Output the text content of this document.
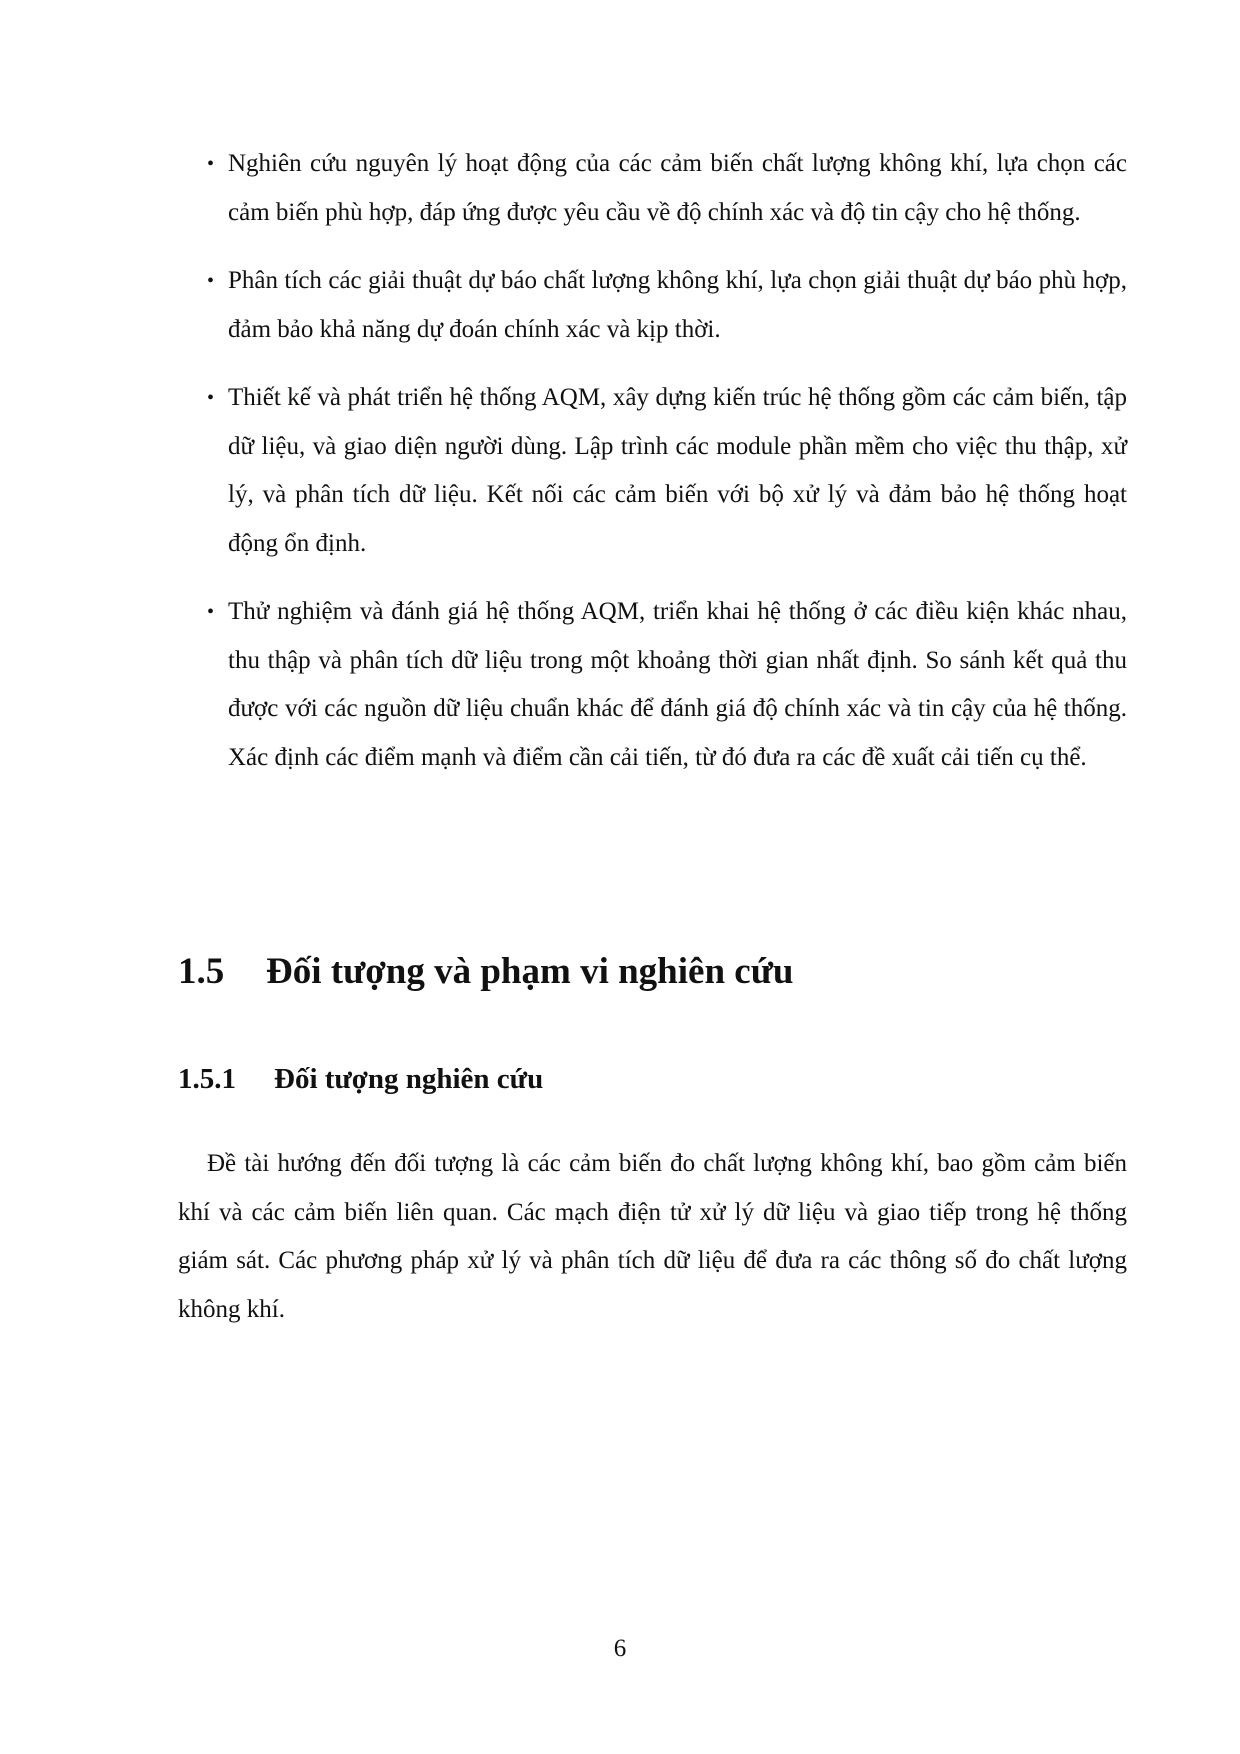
• Nghiên cứu nguyên lý hoạt động của các cảm biến chất lượng không khí, lựa chọn các cảm biến phù hợp, đáp ứng được yêu cầu về độ chính xác và độ tin cậy cho hệ thống.
• Phân tích các giải thuật dự báo chất lượng không khí, lựa chọn giải thuật dự báo phù hợp, đảm bảo khả năng dự đoán chính xác và kịp thời.
• Thiết kế và phát triển hệ thống AQM, xây dựng kiến trúc hệ thống gồm các cảm biến, tập dữ liệu, và giao diện người dùng. Lập trình các module phần mềm cho việc thu thập, xử lý, và phân tích dữ liệu. Kết nối các cảm biến với bộ xử lý và đảm bảo hệ thống hoạt động ổn định.
• Thử nghiệm và đánh giá hệ thống AQM, triển khai hệ thống ở các điều kiện khác nhau, thu thập và phân tích dữ liệu trong một khoảng thời gian nhất định. So sánh kết quả thu được với các nguồn dữ liệu chuẩn khác để đánh giá độ chính xác và tin cậy của hệ thống. Xác định các điểm mạnh và điểm cần cải tiến, từ đó đưa ra các đề xuất cải tiến cụ thể.
1.5 Đối tượng và phạm vi nghiên cứu
1.5.1 Đối tượng nghiên cứu

Đề tài hướng đến đối tượng là các cảm biến đo chất lượng không khí, bao gồm cảm biến khí và các cảm biến liên quan. Các mạch điện tử xử lý dữ liệu và giao tiếp trong hệ thống giám sát. Các phương pháp xử lý và phân tích dữ liệu để đưa ra các thông số đo chất lượng không khí.

6
